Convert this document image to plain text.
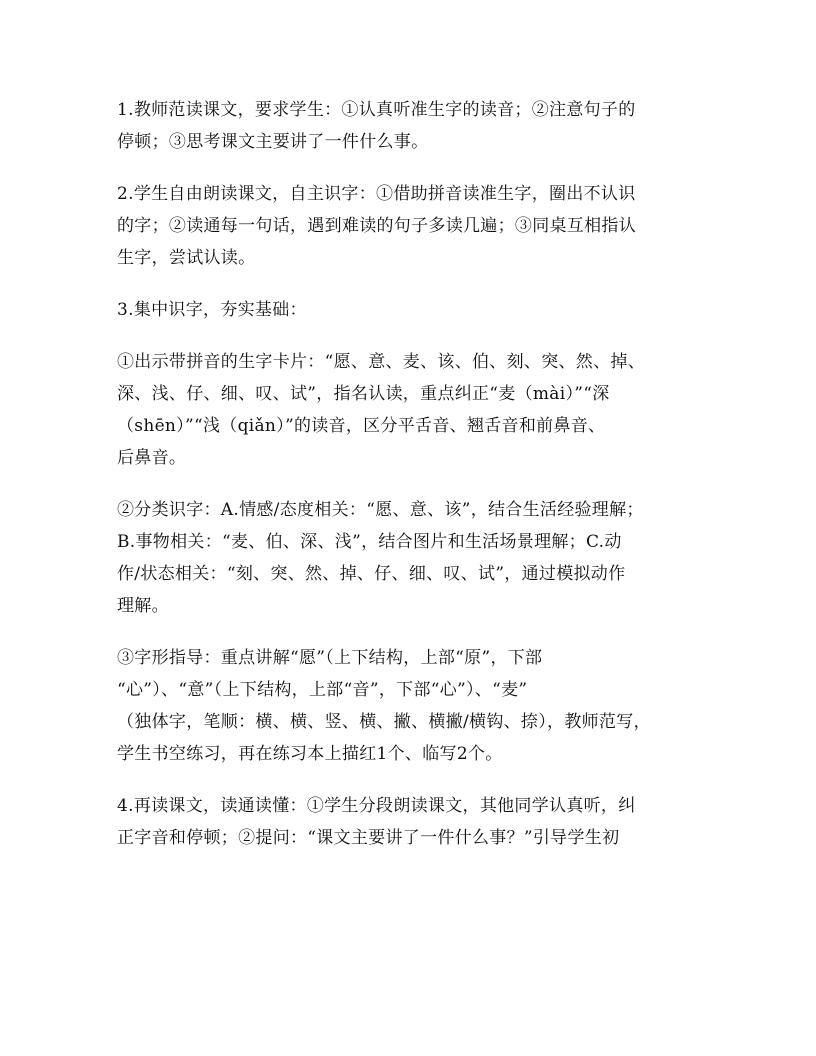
1.教师范读课文，要求学生：①认真听准生字的读音；②注意句子的
停顿；③思考课文主要讲了一件什么事。

2.学生自由朗读课文，自主识字：①借助拼音读准生字，圈出不认识
的字；②读通每一句话，遇到难读的句子多读几遍；③同桌互相指认
生字，尝试认读。

3.集中识字，夯实基础：

①出示带拼音的生字卡片：“愿、意、麦、该、伯、刻、突、然、掉、
深、浅、仔、细、叹、试”，指名认读，重点纠正“麦（mài）”“深
（shēn）”“浅（qiǎn）”的读音，区分平舌音、翘舌音和前鼻音、
后鼻音。

②分类识字：A.情感/态度相关：“愿、意、该”，结合生活经验理解；
B.事物相关：“麦、伯、深、浅”，结合图片和生活场景理解；C.动
作/状态相关：“刻、突、然、掉、仔、细、叹、试”，通过模拟动作
理解。

③字形指导：重点讲解“愿”（上下结构，上部“原”，下部
“心”）、“意”（上下结构，上部“音”，下部“心”）、“麦”
（独体字，笔顺：横、横、竖、横、撇、横撇/横钩、捺），教师范写，
学生书空练习，再在练习本上描红1个、临写2个。

4.再读课文，读通读懂：①学生分段朗读课文，其他同学认真听，纠
正字音和停顿；②提问：“课文主要讲了一件什么事？”引导学生初
